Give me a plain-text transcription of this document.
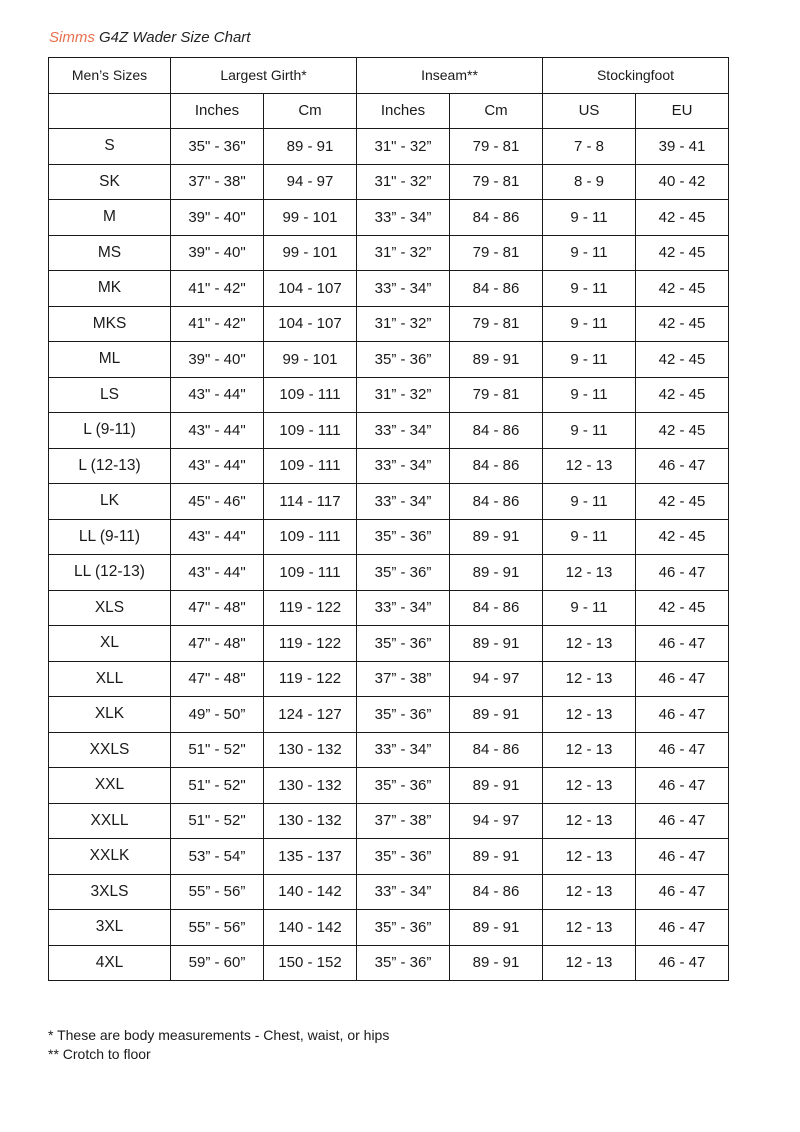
Simms G4Z Wader Size Chart
Men’s Sizes	Largest Girth*		Inseam**		Stockingfoot	
	Inches	Cm	Inches	Cm	US	EU
S	35" - 36"	89 - 91	31" - 32”	79 - 81	7 - 8	39 - 41
SK	37" - 38"	94 - 97	31" - 32”	79 - 81	8 - 9	40 - 42
M	39" - 40"	99 - 101	33” - 34”	84 - 86	9 - 11	42 - 45
MS	39" - 40"	99 - 101	31” - 32”	79 - 81	9 - 11	42 - 45
MK	41" - 42"	104 - 107	33” - 34”	84 - 86	9 - 11	42 - 45
MKS	41" - 42"	104 - 107	31” - 32”	79 - 81	9 - 11	42 - 45
ML	39" - 40"	99 - 101	35” - 36”	89 - 91	9 - 11	42 - 45
LS	43" - 44"	109 - 111	31” - 32”	79 - 81	9 - 11	42 - 45
L (9-11)	43" - 44"	109 - 111	33” - 34”	84 - 86	9 - 11	42 - 45
L (12-13)	43" - 44"	109 - 111	33” - 34”	84 - 86	12 - 13	46 - 47
LK	45" - 46"	114 - 117	33” - 34”	84 - 86	9 - 11	42 - 45
LL (9-11)	43" - 44"	109 - 111	35” - 36”	89 - 91	9 - 11	42 - 45
LL (12-13)	43" - 44"	109 - 111	35” - 36”	89 - 91	12 - 13	46 - 47
XLS	47" - 48"	119 - 122	33” - 34”	84 - 86	9 - 11	42 - 45
XL	47" - 48"	119 - 122	35” - 36”	89 - 91	12 - 13	46 - 47
XLL	47" - 48"	119 - 122	37” - 38”	94 - 97	12 - 13	46 - 47
XLK	49” - 50”	124 - 127	35” - 36”	89 - 91	12 - 13	46 - 47
XXLS	51" - 52"	130 - 132	33” - 34”	84 - 86	12 - 13	46 - 47
XXL	51" - 52"	130 - 132	35” - 36”	89 - 91	12 - 13	46 - 47
XXLL	51" - 52"	130 - 132	37” - 38”	94 - 97	12 - 13	46 - 47
XXLK	53” - 54”	135 - 137	35” - 36”	89 - 91	12 - 13	46 - 47
3XLS	55” - 56”	140 - 142	33” - 34”	84 - 86	12 - 13	46 - 47
3XL	55” - 56”	140 - 142	35” - 36”	89 - 91	12 - 13	46 - 47
4XL	59” - 60”	150 - 152	35” - 36”	89 - 91	12 - 13	46 - 47
* These are body measurements - Chest, waist, or hips
** Crotch to floor
